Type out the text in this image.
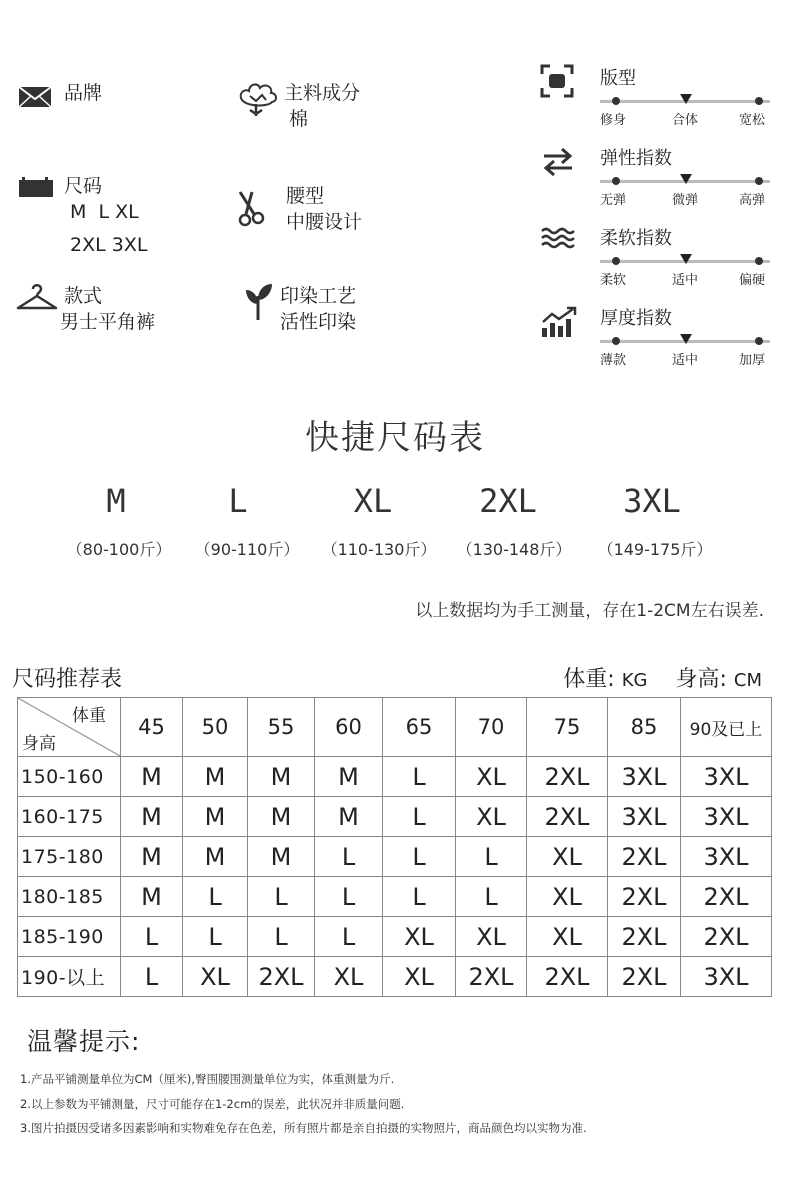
品牌	主料成分
棉
尺码
M  L XL
2XL 3XL
腰型
中腰设计
款式
男士平角裤
印染工艺
活性印染
版型
修身	合体	宽松
弹性指数
无弹	微弹	高弹
柔软指数
柔软	适中	偏硬
厚度指数
薄款	适中	加厚
快捷尺码表
M	L	XL	2XL	3XL
（80-100斤）	（90-110斤）	（110-130斤）	（130-148斤）	（149-175斤）
以上数据均为手工测量，存在1-2CM左右误差.
尺码推荐表	体重: KG 身高: CM
体重
身高	45	50	55	60	65	70	75	85	90及已上
150-160	M	M	M	M	L	XL	2XL	3XL	3XL
160-175	M	M	M	M	L	XL	2XL	3XL	3XL
175-180	M	M	M	L	L	L	XL	2XL	3XL
180-185	M	L	L	L	L	L	XL	2XL	2XL
185-190	L	L	L	L	XL	XL	XL	2XL	2XL
190-以上	L	XL	2XL	XL	XL	2XL	2XL	2XL	3XL
温馨提示:
1.产品平铺测量单位为CM（厘米),臀围腰围测量单位为实，体重测量为斤.
2.以上参数为平铺测量，尺寸可能存在1-2cm的误差，此状况并非质量问题.
3.图片拍摄因受诸多因素影响和实物难免存在色差，所有照片都是亲自拍摄的实物照片，商品颜色均以实物为准.
